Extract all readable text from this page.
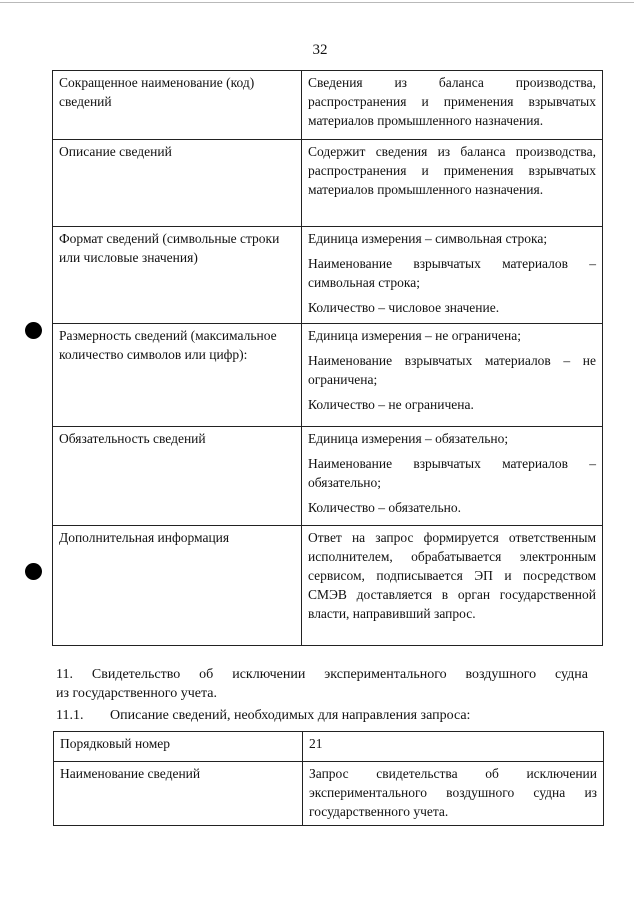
32
Сокращенное наименование (код) сведений	Сведения из баланса производства, распространения и применения взрывчатых материалов промышленного назначения.

Описание сведений	Содержит сведения из баланса производства, распространения и применения взрывчатых материалов промышленного назначения.

Формат сведений (символьные строки или числовые значения)	Единица измерения – символьная строка;
Наименование взрывчатых материалов – символьная строка;
Количество – числовое значение.

Размерность сведений (максимальное количество символов или цифр):	Единица измерения – не ограничена;
Наименование взрывчатых материалов – не ограничена;
Количество – не ограничена.

Обязательность сведений	Единица измерения – обязательно;
Наименование взрывчатых материалов – обязательно;
Количество – обязательно.

Дополнительная информация	Ответ на запрос формируется ответственным исполнителем, обрабатывается электронным сервисом, подписывается ЭП и посредством СМЭВ доставляется в орган государственной власти, направивший запрос.
11. Свидетельство об исключении экспериментального воздушного судна
из государственного учета.
11.1. Описание сведений, необходимых для направления запроса:
Порядковый номер	21

Наименование сведений	Запрос свидетельства об исключении экспериментального воздушного судна из государственного учета.
